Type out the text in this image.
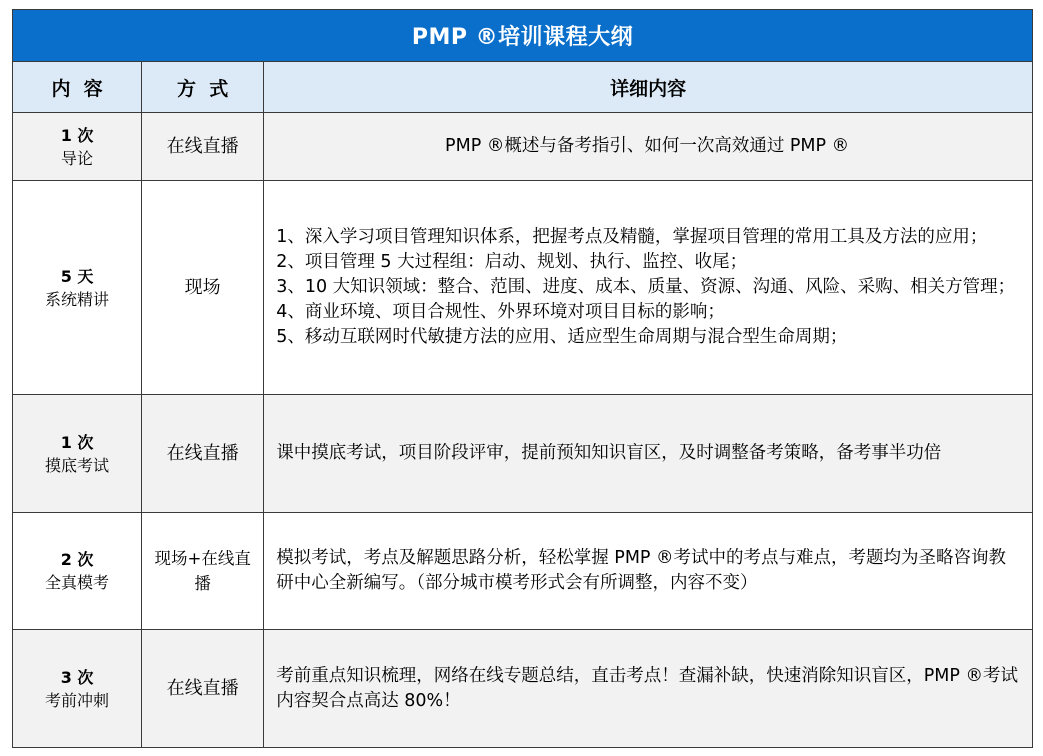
PMP ®培训课程大纲		
内  容	方  式	详细内容

1 次
导论	在线直播	PMP ®概述与备考指引、如何一次高效通过 PMP ®

5 天
系统精讲	现场	1、深入学习项目管理知识体系，把握考点及精髓，掌握项目管理的常用工具及方法的应用；
2、项目管理 5 大过程组：启动、规划、执行、监控、收尾；
3、10 大知识领域：整合、范围、进度、成本、质量、资源、沟通、风险、采购、相关方管理；
4、商业环境、项目合规性、外界环境对项目目标的影响；
5、移动互联网时代敏捷方法的应用、适应型生命周期与混合型生命周期；

1 次
摸底考试	在线直播	课中摸底考试，项目阶段评审，提前预知知识盲区，及时调整备考策略，备考事半功倍

2 次
全真模考	现场+在线直播	模拟考试，考点及解题思路分析，轻松掌握 PMP ®考试中的考点与难点，考题均为圣略咨询教研中心全新编写。（部分城市模考形式会有所调整，内容不变）

3 次
考前冲刺	在线直播	考前重点知识梳理，网络在线专题总结，直击考点！查漏补缺，快速消除知识盲区，PMP ®考试内容契合点高达 80%！
